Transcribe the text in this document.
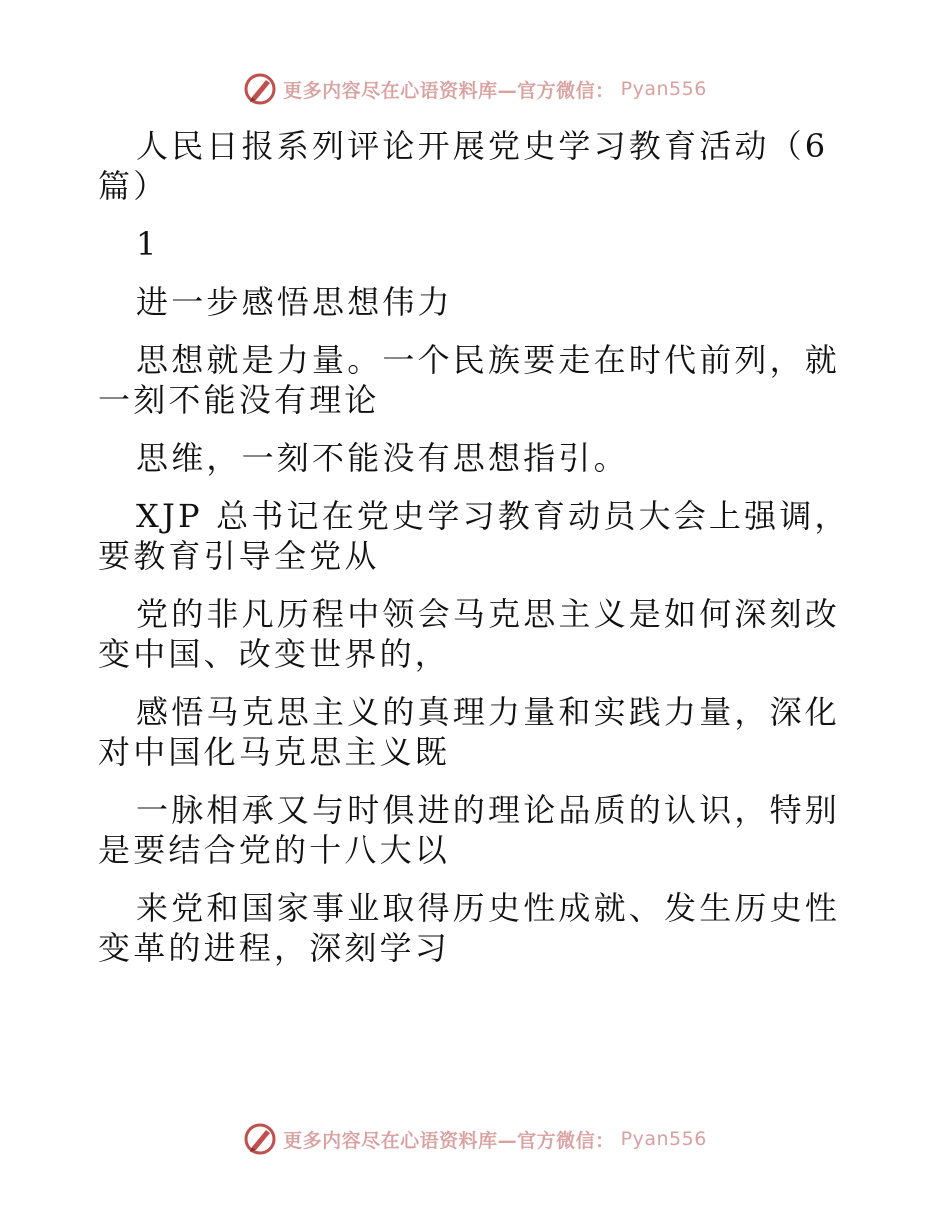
更多内容尽在心语资料库—官方微信： Pyan556

人民日报系列评论开展党史学习教育活动（6篇）

1

进一步感悟思想伟力

思想就是力量。一个民族要走在时代前列，就一刻不能没有理论

思维，一刻不能没有思想指引。

XJP 总书记在党史学习教育动员大会上强调，要教育引导全党从

党的非凡历程中领会马克思主义是如何深刻改变中国、改变世界的，

感悟马克思主义的真理力量和实践力量，深化对中国化马克思主义既

一脉相承又与时俱进的理论品质的认识，特别是要结合党的十八大以

来党和国家事业取得历史性成就、发生历史性变革的进程，深刻学习

更多内容尽在心语资料库—官方微信： Pyan556
